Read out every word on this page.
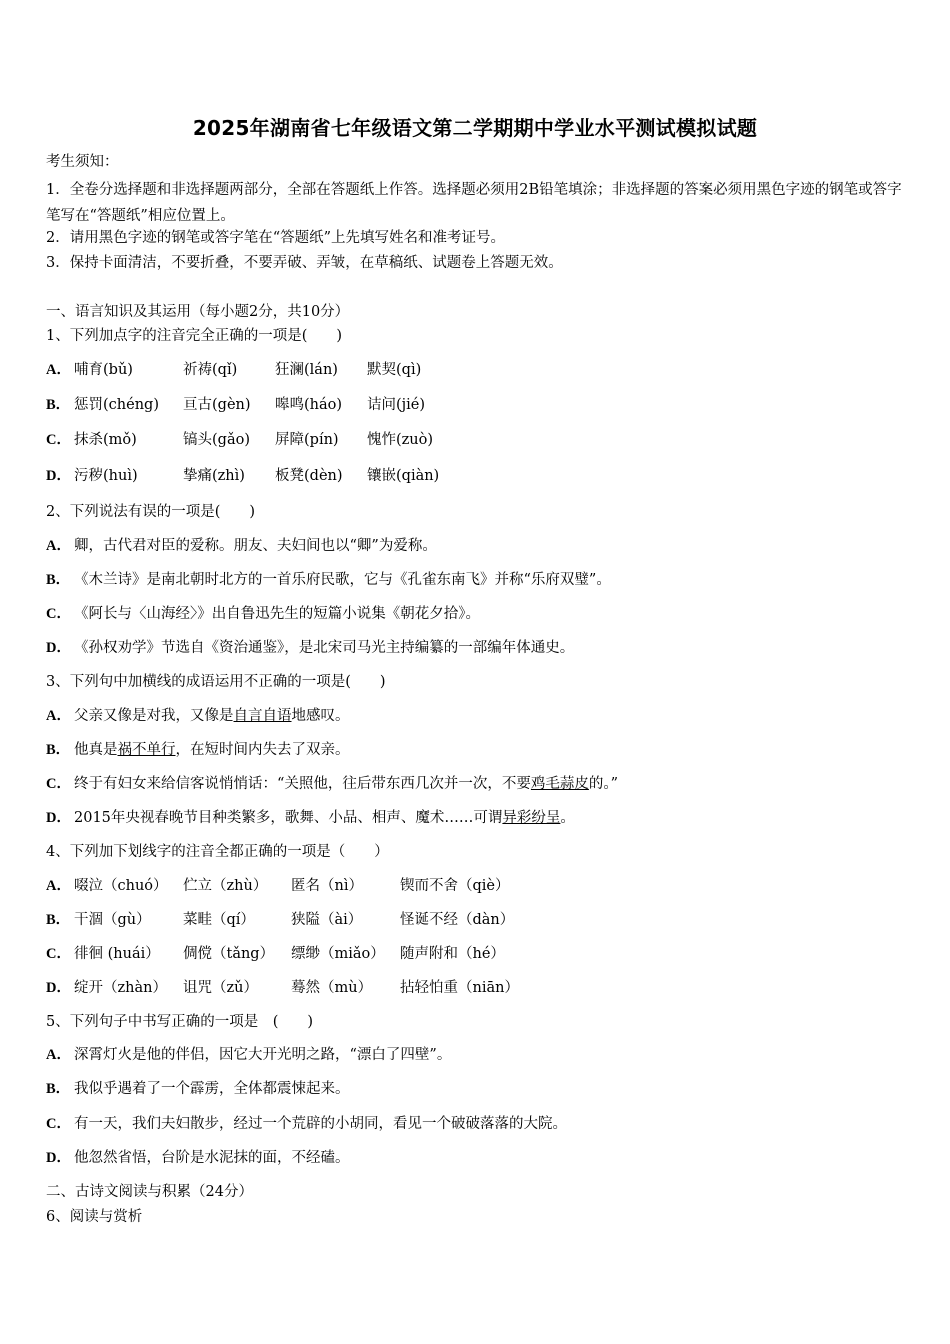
2025年湖南省七年级语文第二学期期中学业水平测试模拟试题
考生须知：
1．全卷分选择题和非选择题两部分，全部在答题纸上作答。选择题必须用2B铅笔填涂；非选择题的答案必须用黑色字迹的钢笔或答字笔写在“答题纸”相应位置上。
2．请用黑色字迹的钢笔或答字笔在“答题纸”上先填写姓名和准考证号。
3．保持卡面清洁，不要折叠，不要弄破、弄皱，在草稿纸、试题卷上答题无效。
一、语言知识及其运用（每小题2分，共10分）
1、下列加点字的注音完全正确的一项是(　　)
A． 哺育(bǔ)	祈祷(qǐ)	狂澜(lán) 默契(qì)
B． 惩罚(chéng) 亘古(gèn) 嗥鸣(háo) 诘问(jié)
C． 抹杀(mǒ)	镐头(gǎo) 屏障(pín) 愧怍(zuò)
D． 污秽(huì)	挚痛(zhì) 板凳(dèn) 镶嵌(qiàn)
2、下列说法有误的一项是(　　)
A． 卿，古代君对臣的爱称。朋友、夫妇间也以“卿”为爱称。
B． 《木兰诗》是南北朝时北方的一首乐府民歌，它与《孔雀东南飞》并称“乐府双璧”。
C． 《阿长与〈山海经〉》出自鲁迅先生的短篇小说集《朝花夕拾》。
D． 《孙权劝学》节选自《资治通鉴》，是北宋司马光主持编纂的一部编年体通史。
3、下列句中加横线的成语运用不正确的一项是(　　)
A． 父亲又像是对我，又像是自言自语地感叹。
B． 他真是祸不单行，在短时间内失去了双亲。
C． 终于有妇女来给信客说悄悄话：“关照他，往后带东西几次并一次，不要鸡毛蒜皮的。”
D． 2015年央视春晚节目种类繁多，歌舞、小品、相声、魔术……可谓异彩纷呈。
4、下列加下划线字的注音全都正确的一项是（　　）
A． 啜泣（chuó） 伫立（zhù） 匿名（nì）	锲而不舍（qiè）
B． 干涸（gù） 菜畦（qí） 狭隘（ài）	怪诞不经（dàn）
C． 徘徊 (huái） 倜傥（tǎng） 缥缈（miǎo） 随声附和（hé）
D． 绽开（zhàn） 诅咒（zǔ） 蓦然（mù） 拈轻怕重（niān）
5、下列句子中书写正确的一项是　(　　)
A． 深霄灯火是他的伴侣，因它大开光明之路，“漂白了四壁”。
B． 我似乎遇着了一个霹雳，全体都震悚起来。
C． 有一天，我们夫妇散步，经过一个荒辟的小胡同，看见一个破破落落的大院。
D． 他忽然省悟，台阶是水泥抹的面，不经磕。
二、古诗文阅读与积累（24分）
6、阅读与赏析
